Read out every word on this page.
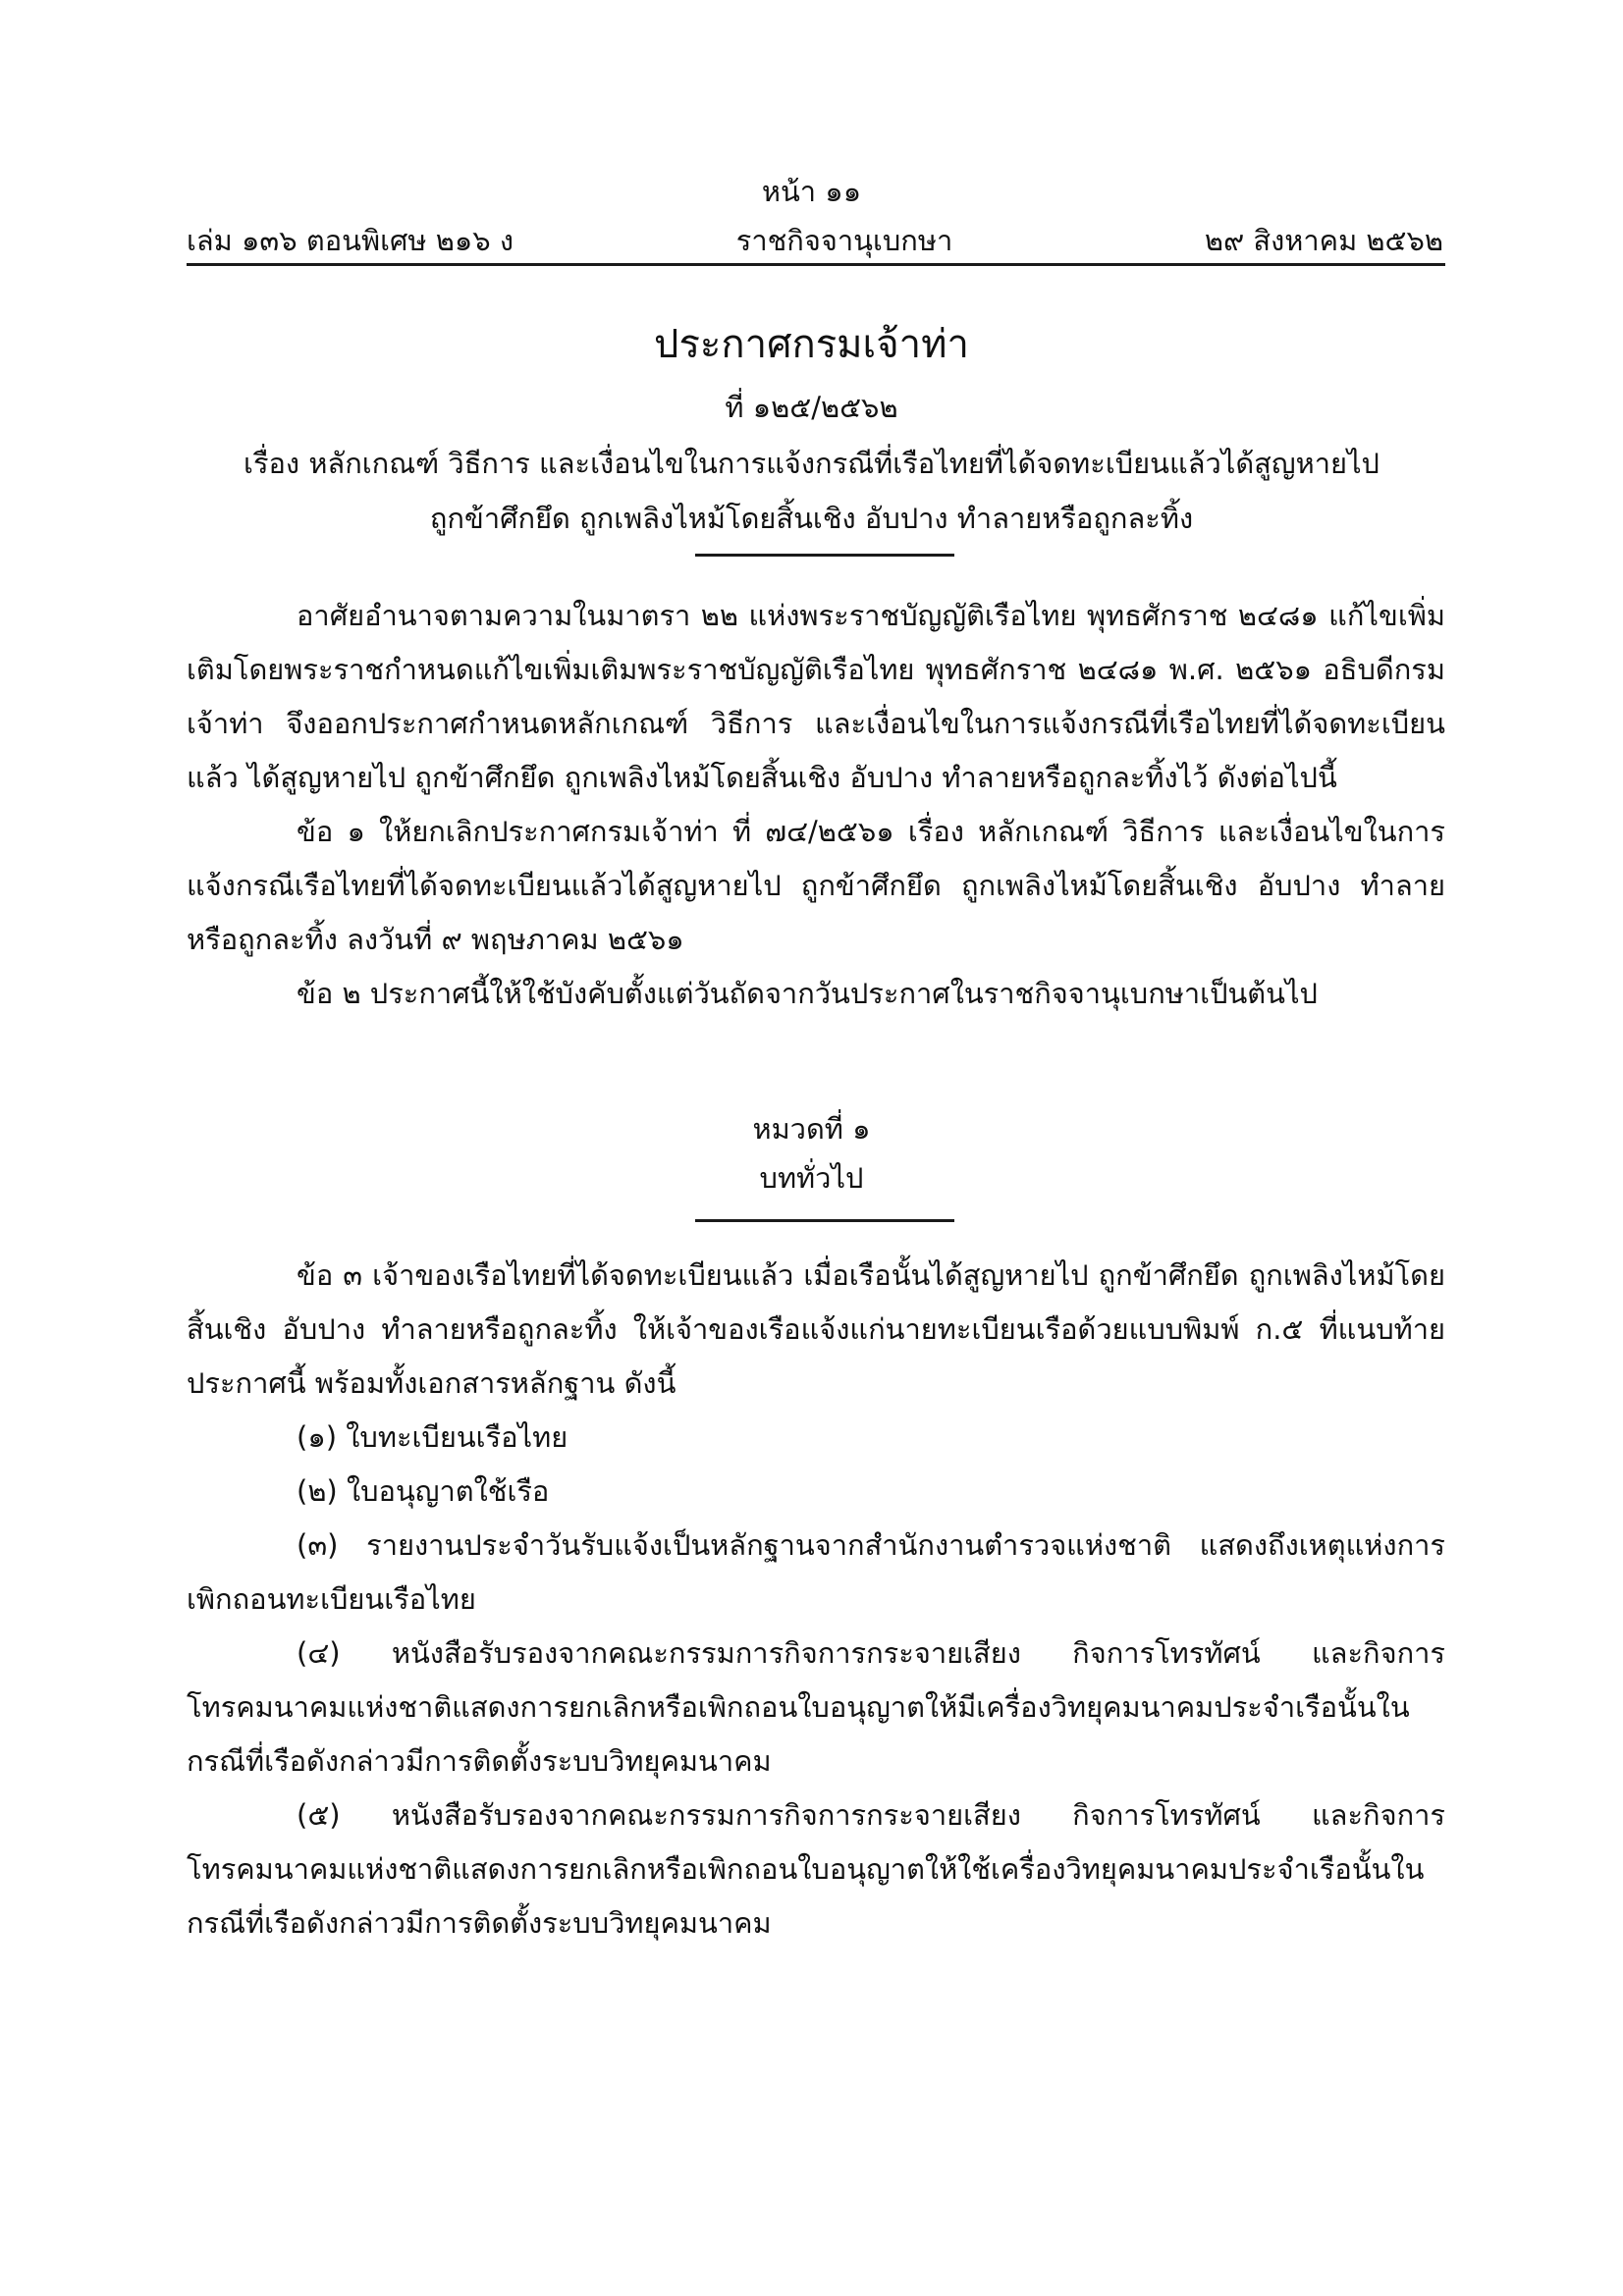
หน้า ๑๑
เล่ม ๑๓๖ ตอนพิเศษ ๒๑๖ ง	ราชกิจจานุเบกษา	๒๙ สิงหาคม ๒๕๖๒
ประกาศกรมเจ้าท่า
ที่ ๑๒๕/๒๕๖๒
เรื่อง หลักเกณฑ์ วิธีการ และเงื่อนไขในการแจ้งกรณีที่เรือไทยที่ได้จดทะเบียนแล้วได้สูญหายไป
ถูกข้าศึกยึด ถูกเพลิงไหม้โดยสิ้นเชิง อับปาง ทำลายหรือถูกละทิ้ง

อาศัยอำนาจตามความในมาตรา ๒๒ แห่งพระราชบัญญัติเรือไทย พุทธศักราช ๒๔๘๑ แก้ไขเพิ่มเติมโดยพระราชกำหนดแก้ไขเพิ่มเติมพระราชบัญญัติเรือไทย พุทธศักราช ๒๔๘๑ พ.ศ. ๒๕๖๑ อธิบดีกรมเจ้าท่า จึงออกประกาศกำหนดหลักเกณฑ์ วิธีการ และเงื่อนไขในการแจ้งกรณีที่เรือไทยที่ได้จดทะเบียนแล้ว ได้สูญหายไป ถูกข้าศึกยึด ถูกเพลิงไหม้โดยสิ้นเชิง อับปาง ทำลายหรือถูกละทิ้งไว้ ดังต่อไปนี้

ข้อ ๑ ให้ยกเลิกประกาศกรมเจ้าท่า ที่ ๗๔/๒๕๖๑ เรื่อง หลักเกณฑ์ วิธีการ และเงื่อนไขในการแจ้งกรณีเรือไทยที่ได้จดทะเบียนแล้วได้สูญหายไป ถูกข้าศึกยึด ถูกเพลิงไหม้โดยสิ้นเชิง อับปาง ทำลายหรือถูกละทิ้ง ลงวันที่ ๙ พฤษภาคม ๒๕๖๑

ข้อ ๒ ประกาศนี้ให้ใช้บังคับตั้งแต่วันถัดจากวันประกาศในราชกิจจานุเบกษาเป็นต้นไป

หมวดที่ ๑
บททั่วไป

ข้อ ๓ เจ้าของเรือไทยที่ได้จดทะเบียนแล้ว เมื่อเรือนั้นได้สูญหายไป ถูกข้าศึกยึด ถูกเพลิงไหม้โดยสิ้นเชิง อับปาง ทำลายหรือถูกละทิ้ง ให้เจ้าของเรือแจ้งแก่นายทะเบียนเรือด้วยแบบพิมพ์ ก.๕ ที่แนบท้ายประกาศนี้ พร้อมทั้งเอกสารหลักฐาน ดังนี้

(๑) ใบทะเบียนเรือไทย

(๒) ใบอนุญาตใช้เรือ

(๓) รายงานประจำวันรับแจ้งเป็นหลักฐานจากสำนักงานตำรวจแห่งชาติ แสดงถึงเหตุแห่งการเพิกถอนทะเบียนเรือไทย

(๔) หนังสือรับรองจากคณะกรรมการกิจการกระจายเสียง กิจการโทรทัศน์ และกิจการโทรคมนาคมแห่งชาติแสดงการยกเลิกหรือเพิกถอนใบอนุญาตให้มีเครื่องวิทยุคมนาคมประจำเรือนั้นในกรณีที่เรือดังกล่าวมีการติดตั้งระบบวิทยุคมนาคม

(๕) หนังสือรับรองจากคณะกรรมการกิจการกระจายเสียง กิจการโทรทัศน์ และกิจการโทรคมนาคมแห่งชาติแสดงการยกเลิกหรือเพิกถอนใบอนุญาตให้ใช้เครื่องวิทยุคมนาคมประจำเรือนั้นในกรณีที่เรือดังกล่าวมีการติดตั้งระบบวิทยุคมนาคม
